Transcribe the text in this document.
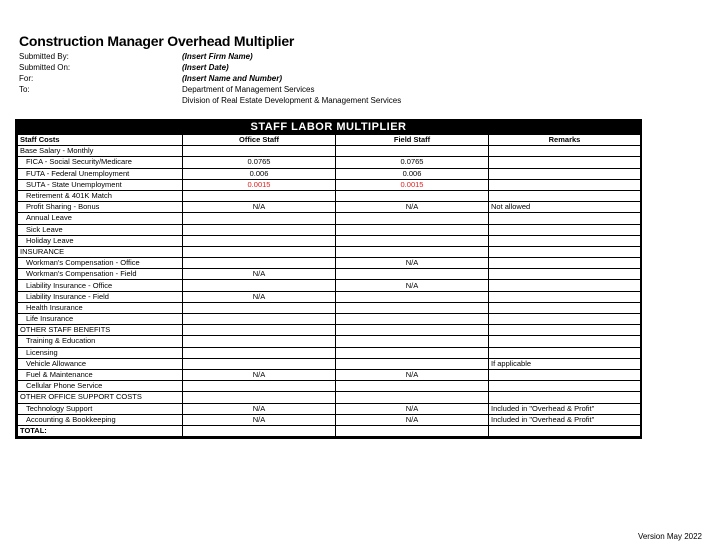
Construction Manager Overhead Multiplier
Submitted By:	(Insert Firm Name)
Submitted On:	(Insert Date)
For:	(Insert Name and Number)
To:	Department of Management Services
Division of Real Estate Development & Management Services
STAFF LABOR MULTIPLIER
Staff Costs	Office Staff	Field Staff	Remarks
Base Salary - Monthly			
FICA - Social Security/Medicare	0.0765	0.0765	
FUTA - Federal Unemployment	0.006	0.006	
SUTA - State Unemployment	0.0015	0.0015	
Retirement & 401K Match			
Profit Sharing - Bonus	N/A	N/A	Not allowed
Annual Leave			
Sick Leave			
Holiday Leave			
INSURANCE			
Workman's Compensation - Office		N/A	
Workman's Compensation - Field	N/A		
Liability Insurance - Office		N/A	
Liability Insurance - Field	N/A		
Health Insurance			
Life Insurance			
OTHER STAFF BENEFITS			
Training & Education			
Licensing			
Vehicle Allowance			If applicable
Fuel & Maintenance	N/A	N/A	
Cellular Phone Service			
OTHER OFFICE SUPPORT COSTS			
Technology Support	N/A	N/A	Included in "Overhead & Profit"
Accounting & Bookkeeping	N/A	N/A	Included in "Overhead & Profit"
TOTAL:			
Version May 2022
